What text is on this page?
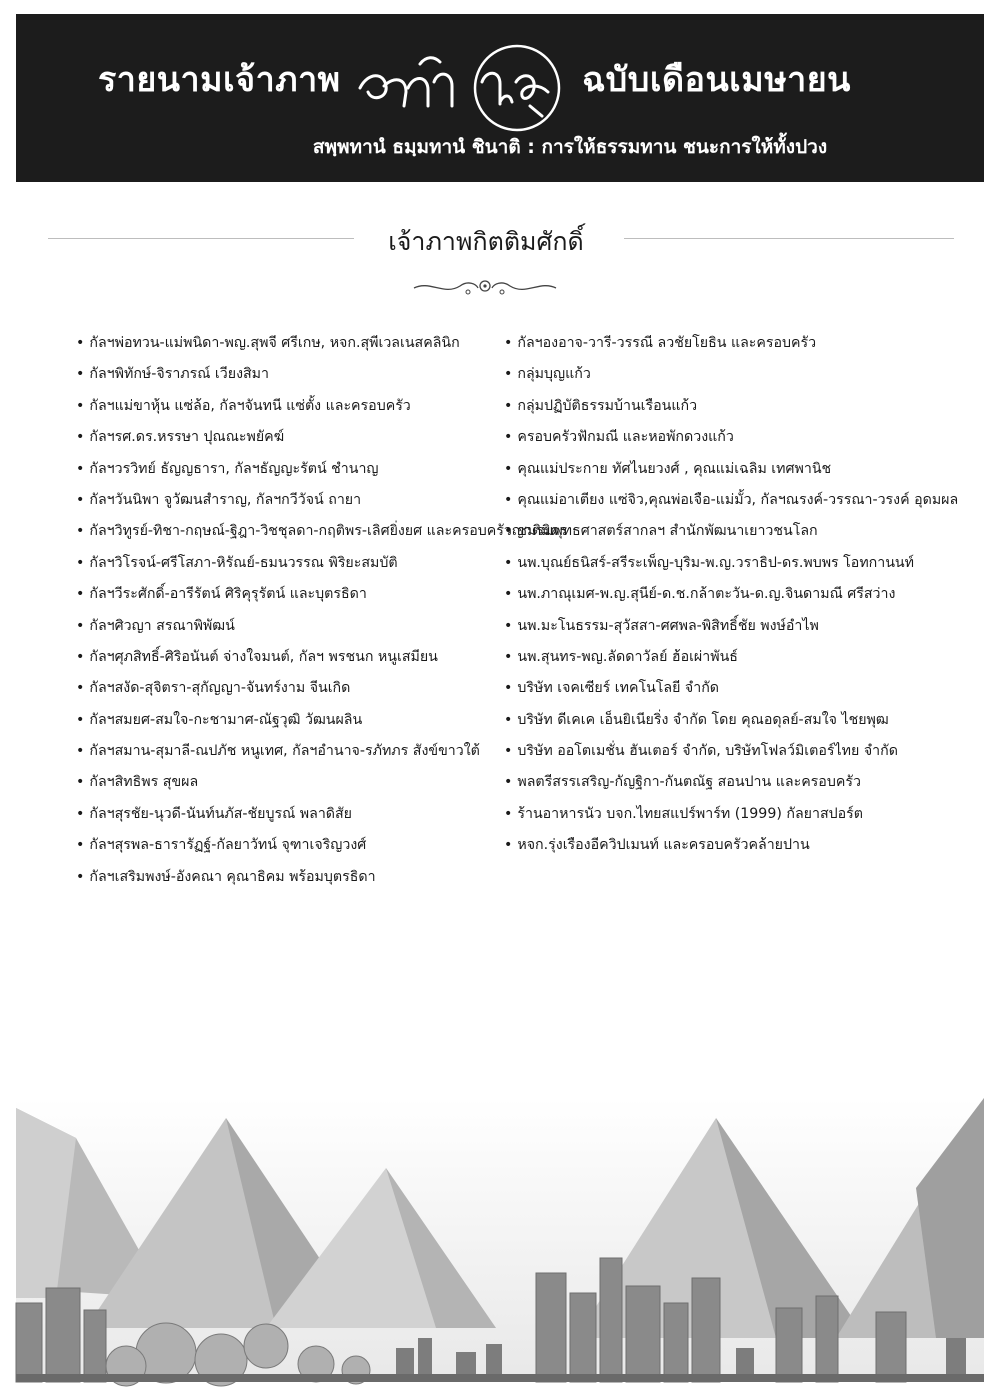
รายนามเจ้าภาพ	ฉบับเดือนเมษายน
สพฺพทานํ ธมฺมทานํ ชินาติ : การให้ธรรมทาน ชนะการให้ทั้งปวง
เจ้าภาพกิตติมศักดิ์
• กัลฯพ่อทวน-แม่พนิดา-พญ.สุพจี ศรีเกษ, หจก.สุพีเวลเนสคลินิก
• กัลฯพิทักษ์-จิราภรณ์ เวียงสิมา
• กัลฯแม่ขาหุ้น แซ่ล้อ, กัลฯจันทนี แซ่ตั้ง และครอบครัว
• กัลฯรศ.ดร.หรรษา ปุณณะพยัคฆ์
• กัลฯวรวิทย์ ธัญญธารา, กัลฯธัญญะรัตน์ ชำนาญ
• กัลฯวันนิพา จูวัฒนสำราญ, กัลฯกวีวัจน์ ถายา
• กัลฯวิทูรย์-ทิชา-กฤษณ์-ฐิฎา-วิชชุลดา-กฤติพร-เลิศยิ่งยศ และครอบครัวญาติมิตร
• กัลฯวิโรจน์-ศรีโสภา-หิรัณย์-ธมนวรรณ พิริยะสมบัติ
• กัลฯวีระศักดิ์-อารีรัตน์ ศิริคุรุรัตน์ และบุตรธิดา
• กัลฯศิวญา สรณาพิพัฒน์
• กัลฯศุภสิทธิ์-ศิริอนันต์ จ่างใจมนต์, กัลฯ พรชนก หนูเสมียน
• กัลฯสงัด-สุจิตรา-สุกัญญา-จันทร์งาม จีนเกิด
• กัลฯสมยศ-สมใจ-กะชามาศ-ณัฐวุฒิ วัฒนผลิน
• กัลฯสมาน-สุมาลี-ณปภัช หนูเทศ, กัลฯอำนาจ-รภัทภร สังข์ขาวใต้
• กัลฯสิทธิพร สุขผล
• กัลฯสุรชัย-นุวดี-นันท์นภัส-ชัยบูรณ์ พลาดิสัย
• กัลฯสุรพล-ธารารัฏฐ์-กัลยาวัทน์ จุฑาเจริญวงศ์
• กัลฯเสริมพงษ์-อังคณา คุณาธิคม พร้อมบุตรธิดา
• กัลฯองอาจ-วารี-วรรณี ลวชัยโยธิน และครอบครัว
• กลุ่มบุญแก้ว
• กลุ่มปฏิบัติธรรมบ้านเรือนแก้ว
• ครอบครัวฟักมณี และหอพักดวงแก้ว
• คุณแม่ประกาย ทัศไนยวงศ์ , คุณแม่เฉลิม เทศพานิช
• คุณแม่อาเตียง แซ่จิว,คุณพ่อเจือ-แม่มั้ว, กัลฯณรงค์-วรรณา-วรงค์ อุดมผล
• ชมรมพุทธศาสตร์สากลฯ สำนักพัฒนาเยาวชนโลก
• นพ.บุณย์ธนิสร์-สรีระเพ็ญ-บุริม-พ.ญ.วราธิป-ดร.พบพร โอทกานนท์
• นพ.ภาณุเมศ-พ.ญ.สุนีย์-ด.ช.กล้าตะวัน-ด.ญ.จินดามณี ศรีสว่าง
• นพ.มะโนธรรม-สุวัสสา-ศศพล-พิสิทธิ์ชัย พงษ์อำไพ
• นพ.สุนทร-พญ.ลัดดาวัลย์ ฮ้อเผ่าพันธ์
• บริษัท เจคเซียร์ เทคโนโลยี จำกัด
• บริษัท ดีเคเค เอ็นยิเนียริ่ง จำกัด โดย คุณอดุลย์-สมใจ ไชยพุฒ
• บริษัท ออโตเมชั่น ฮันเตอร์ จำกัด, บริษัทโฟลว์มิเตอร์ไทย จำกัด
• พลตรีสรรเสริญ-กัญฐิกา-กันตณัฐ สอนปาน และครอบครัว
• ร้านอาหารนัว บจก.ไทยสแปร์พาร์ท (1999) กัลยาสปอร์ต
• หจก.รุ่งเรืองอีควิปเมนท์ และครอบครัวคล้ายปาน
